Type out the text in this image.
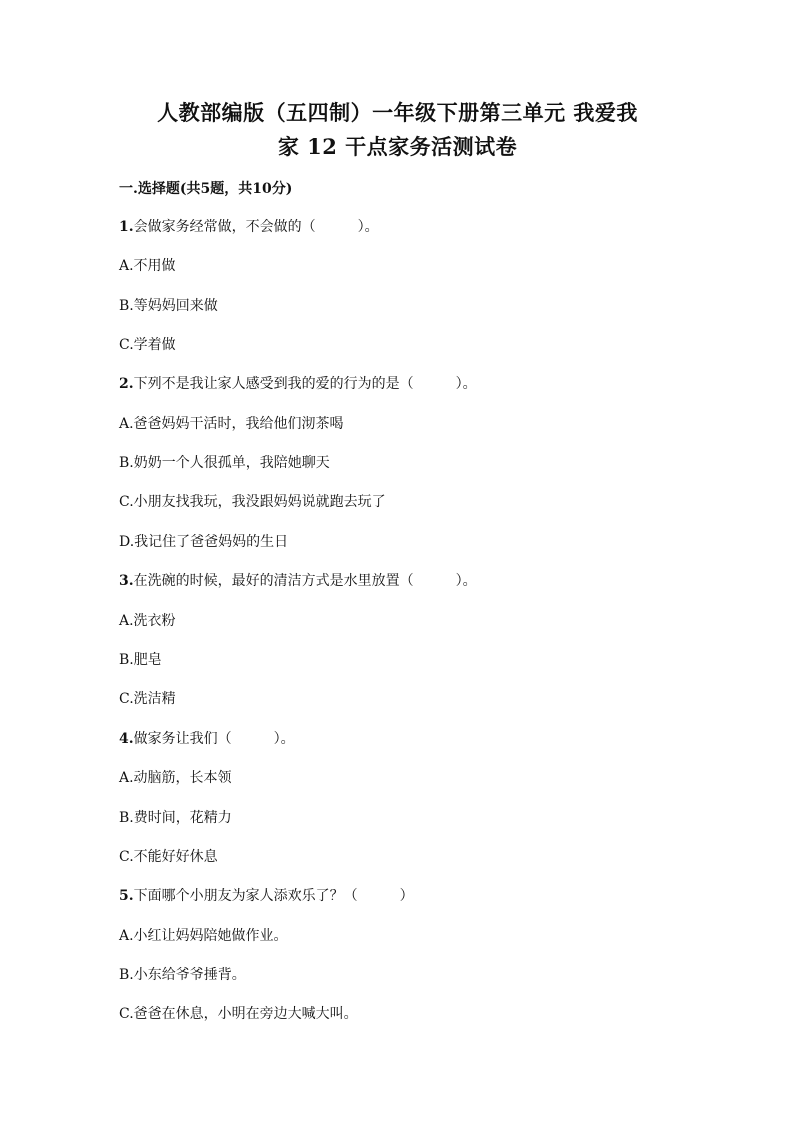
人教部编版（五四制）一年级下册第三单元 我爱我
家 12 干点家务活测试卷
一.选择题(共5题，共10分)
1.会做家务经常做，不会做的（　　　）。
A.不用做
B.等妈妈回来做
C.学着做
2.下列不是我让家人感受到我的爱的行为的是（　　　）。
A.爸爸妈妈干活时，我给他们沏茶喝
B.奶奶一个人很孤单，我陪她聊天
C.小朋友找我玩，我没跟妈妈说就跑去玩了
D.我记住了爸爸妈妈的生日
3.在洗碗的时候，最好的清洁方式是水里放置（　　　）。
A.洗衣粉
B.肥皂
C.洗洁精
4.做家务让我们（　　　）。
A.动脑筋，长本领
B.费时间，花精力
C.不能好好休息
5.下面哪个小朋友为家人添欢乐了？（　　　）
A.小红让妈妈陪她做作业。
B.小东给爷爷捶背。
C.爸爸在休息，小明在旁边大喊大叫。
